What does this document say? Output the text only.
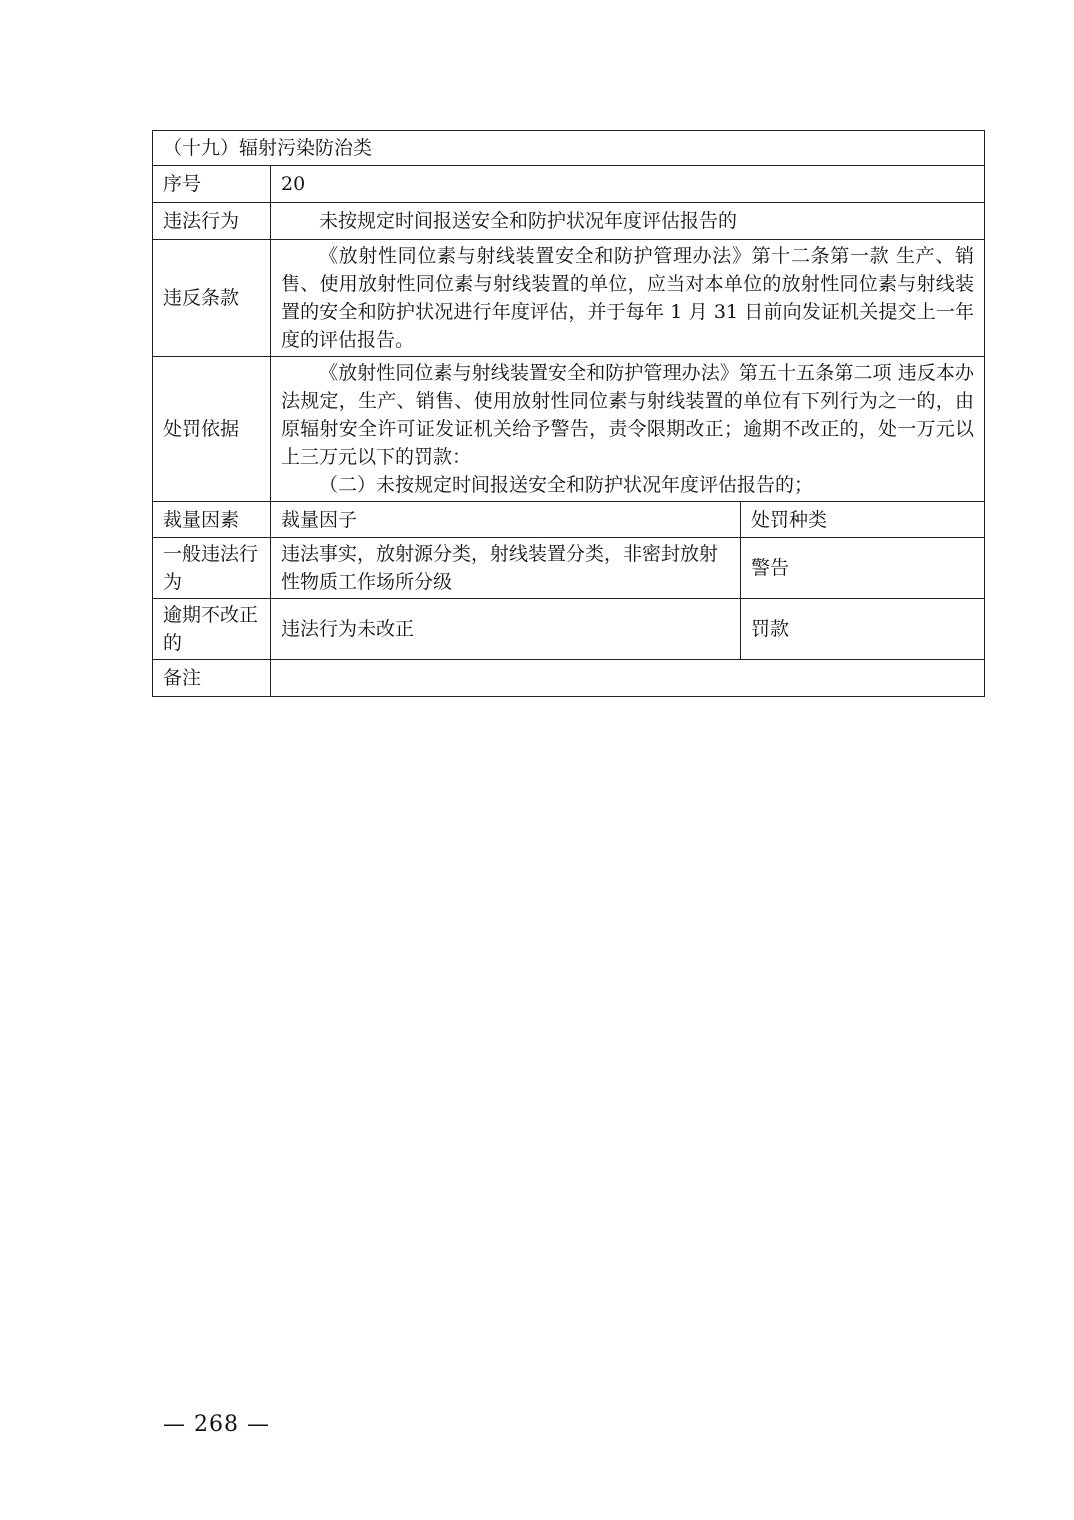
（十九）辐射污染防治类		
序号	20	
违法行为	未按规定时间报送安全和防护状况年度评估报告的	
违反条款	《放射性同位素与射线装置安全和防护管理办法》第十二条第一款 生产、销售、使用放射性同位素与射线装置的单位，应当对本单位的放射性同位素与射线装置的安全和防护状况进行年度评估，并于每年 1 月 31 日前向发证机关提交上一年度的评估报告。	
处罚依据	《放射性同位素与射线装置安全和防护管理办法》第五十五条第二项 违反本办法规定，生产、销售、使用放射性同位素与射线装置的单位有下列行为之一的，由原辐射安全许可证发证机关给予警告，责令限期改正；逾期不改正的，处一万元以上三万元以下的罚款：
（二）未按规定时间报送安全和防护状况年度评估报告的；	

裁量因素	裁量因子	处罚种类
一般违法行为	违法事实，放射源分类，射线装置分类，非密封放射性物质工作场所分级	警告
逾期不改正的	违法行为未改正	罚款
备注		
— 268 —
